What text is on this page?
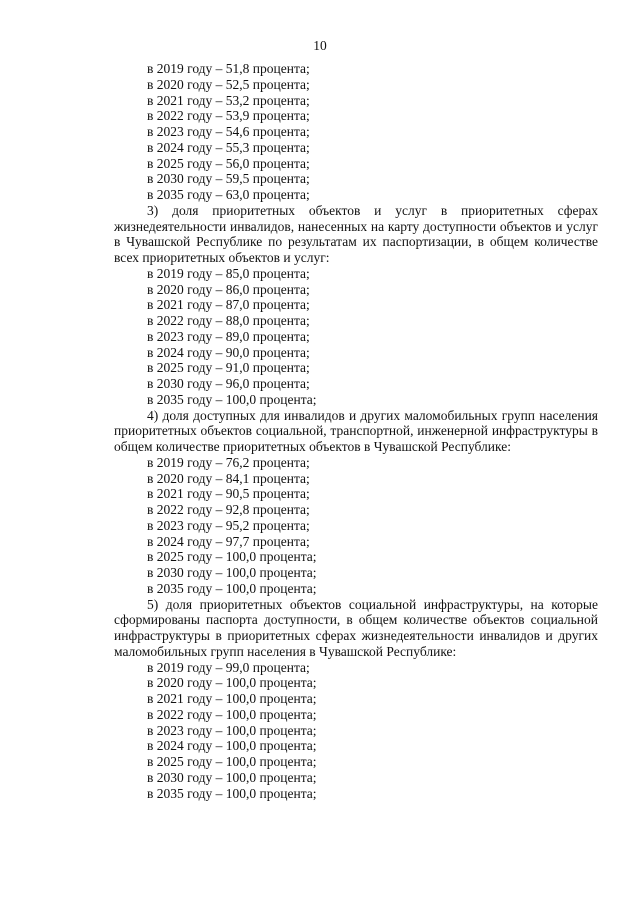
10
в 2019 году – 51,8 процента;
в 2020 году – 52,5 процента;
в 2021 году – 53,2 процента;
в 2022 году – 53,9 процента;
в 2023 году – 54,6 процента;
в 2024 году – 55,3 процента;
в 2025 году – 56,0 процента;
в 2030 году – 59,5 процента;
в 2035 году – 63,0 процента;
3) доля приоритетных объектов и услуг в приоритетных сферах жизнедеятельности инвалидов, нанесенных на карту доступности объектов и услуг в Чувашской Республике по результатам их паспортизации, в общем количестве всех приоритетных объектов и услуг:
в 2019 году – 85,0 процента;
в 2020 году – 86,0 процента;
в 2021 году – 87,0 процента;
в 2022 году – 88,0 процента;
в 2023 году – 89,0 процента;
в 2024 году – 90,0 процента;
в 2025 году – 91,0 процента;
в 2030 году – 96,0 процента;
в 2035 году – 100,0 процента;
4) доля доступных для инвалидов и других маломобильных групп населения приоритетных объектов социальной, транспортной, инженерной инфраструктуры в общем количестве приоритетных объектов в Чувашской Республике:
в 2019 году – 76,2 процента;
в 2020 году – 84,1 процента;
в 2021 году – 90,5 процента;
в 2022 году – 92,8 процента;
в 2023 году – 95,2 процента;
в 2024 году – 97,7 процента;
в 2025 году – 100,0 процента;
в 2030 году – 100,0 процента;
в 2035 году – 100,0 процента;
5) доля приоритетных объектов социальной инфраструктуры, на которые сформированы паспорта доступности, в общем количестве объектов социальной инфраструктуры в приоритетных сферах жизнедеятельности инвалидов и других маломобильных групп населения в Чувашской Республике:
в 2019 году – 99,0 процента;
в 2020 году – 100,0 процента;
в 2021 году – 100,0 процента;
в 2022 году – 100,0 процента;
в 2023 году – 100,0 процента;
в 2024 году – 100,0 процента;
в 2025 году – 100,0 процента;
в 2030 году – 100,0 процента;
в 2035 году – 100,0 процента;
